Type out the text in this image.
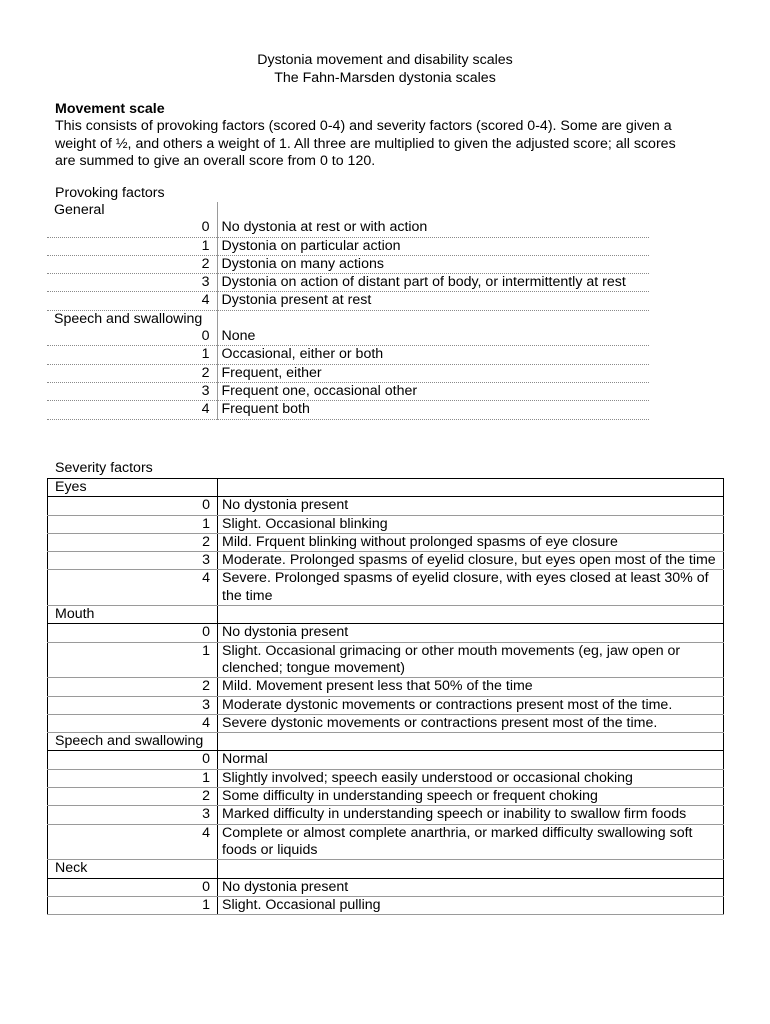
Dystonia movement and disability scales
The Fahn-Marsden dystonia scales
Movement scale
This consists of provoking factors (scored 0-4) and severity factors (scored 0-4). Some are given a weight of ½, and others a weight of 1. All three are multiplied to given the adjusted score; all scores are summed to give an overall score from 0 to 120.
Provoking factors
General	
0	No dystonia at rest or with action
1	Dystonia on particular action
2	Dystonia on many actions
3	Dystonia on action of distant part of body, or intermittently at rest
4	Dystonia present at rest
Speech and swallowing	
0	None
1	Occasional, either or both
2	Frequent, either
3	Frequent one, occasional other
4	Frequent both
Severity factors
Eyes	
0	No dystonia present
1	Slight. Occasional blinking
2	Mild. Frquent blinking without prolonged spasms of eye closure
3	Moderate. Prolonged spasms of eyelid closure, but eyes open most of the time
4	Severe. Prolonged spasms of eyelid closure, with eyes closed at least 30% of the time
Mouth	
0	No dystonia present
1	Slight. Occasional grimacing or other mouth movements (eg, jaw open or clenched; tongue movement)
2	Mild. Movement present less that 50% of the time
3	Moderate dystonic movements or contractions present most of the time.
4	Severe dystonic movements or contractions present most of the time.
Speech and swallowing	
0	Normal
1	Slightly involved; speech easily understood or occasional choking
2	Some difficulty in understanding speech or frequent choking
3	Marked difficulty in understanding speech or inability to swallow firm foods
4	Complete or almost complete anarthria, or marked difficulty swallowing soft foods or liquids
Neck	
0	No dystonia present
1	Slight. Occasional pulling
